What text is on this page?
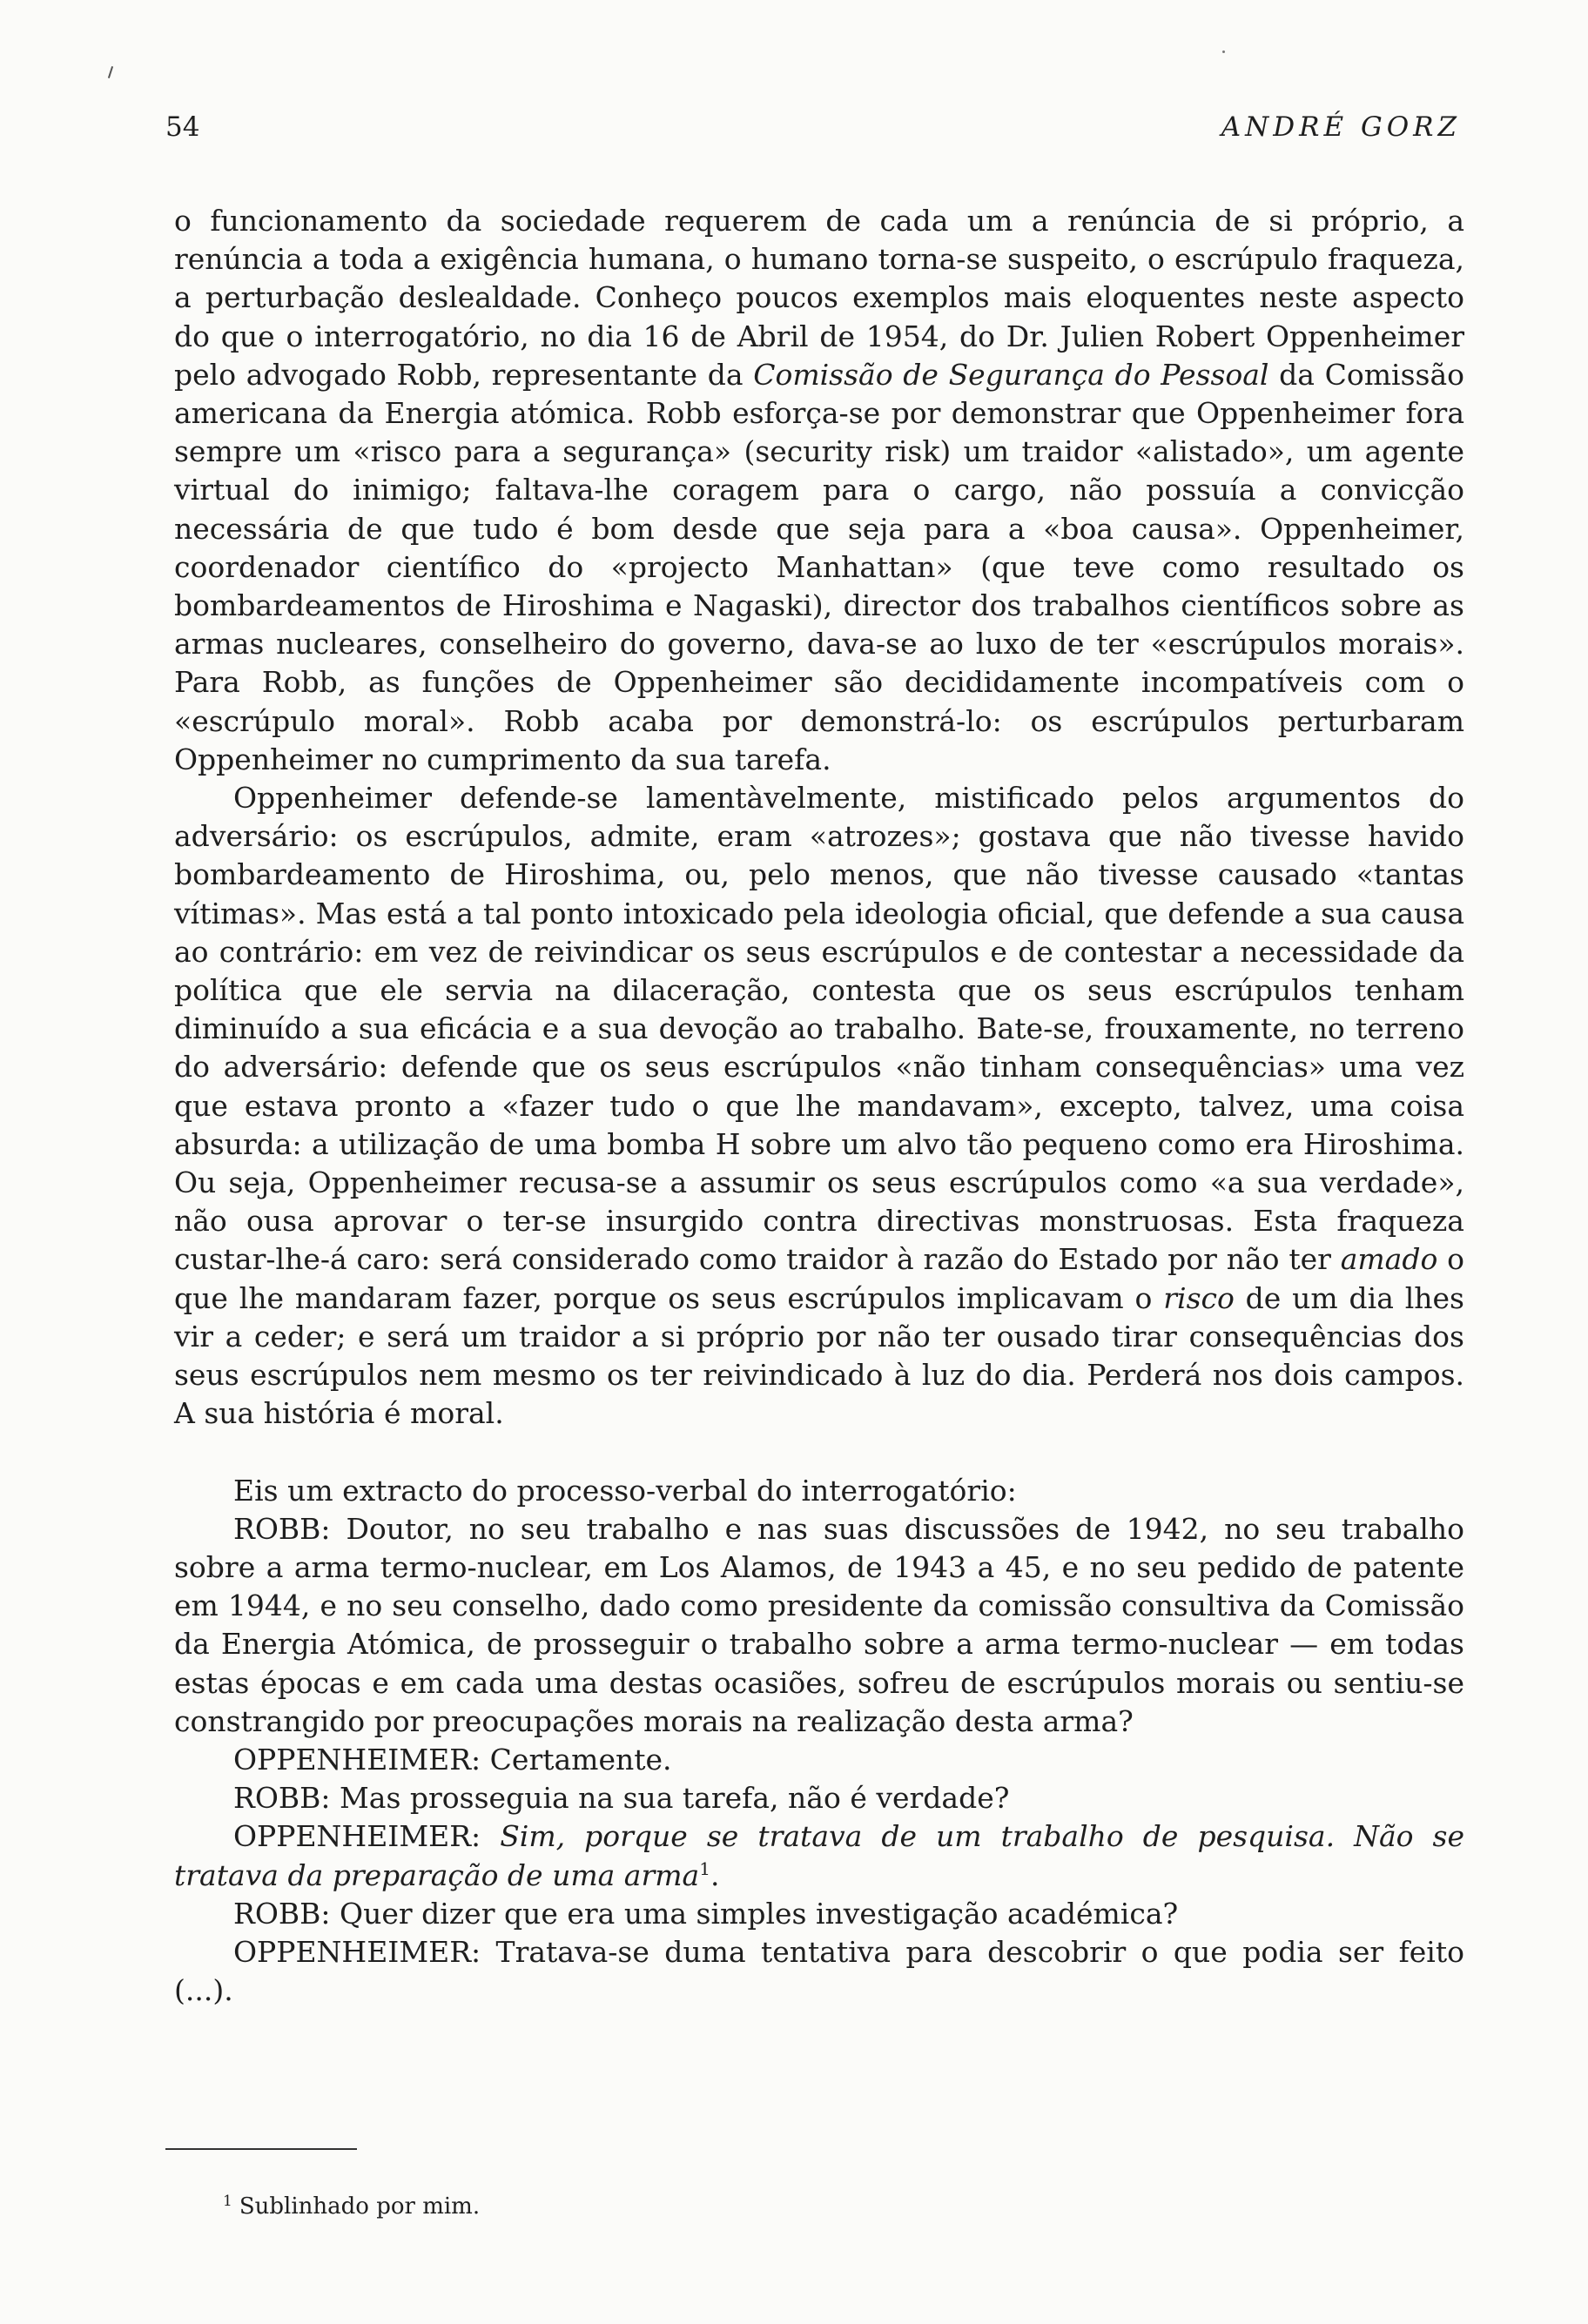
54	ANDRÉ GORZ

o funcionamento da sociedade requerem de cada um a renúncia de si próprio, a renúncia a toda a exigência humana, o humano torna-se suspeito, o escrúpulo fraqueza, a perturbação deslealdade. Conheço poucos exemplos mais eloquentes neste aspecto do que o interrogatório, no dia 16 de Abril de 1954, do Dr. Julien Robert Oppenheimer pelo advogado Robb, representante da Comissão de Segurança do Pessoal da Comissão americana da Energia atómica. Robb esforça-se por demonstrar que Oppenheimer fora sempre um «risco para a segurança» (security risk) um traidor «alistado», um agente virtual do inimigo; faltava-lhe coragem para o cargo, não possuía a convicção necessária de que tudo é bom desde que seja para a «boa causa». Oppenheimer, coordenador científico do «projecto Manhattan» (que teve como resultado os bombardeamentos de Hiroshima e Nagaski), director dos trabalhos científicos sobre as armas nucleares, conselheiro do governo, dava-se ao luxo de ter «escrúpulos morais». Para Robb, as funções de Oppenheimer são decididamente incompatíveis com o «escrúpulo moral». Robb acaba por demonstrá-lo: os escrúpulos perturbaram Oppenheimer no cumprimento da sua tarefa.

Oppenheimer defende-se lamentàvelmente, mistificado pelos argumentos do adversário: os escrúpulos, admite, eram «atrozes»; gostava que não tivesse havido bombardeamento de Hiroshima, ou, pelo menos, que não tivesse causado «tantas vítimas». Mas está a tal ponto intoxicado pela ideologia oficial, que defende a sua causa ao contrário: em vez de reivindicar os seus escrúpulos e de contestar a necessidade da política que ele servia na dilaceração, contesta que os seus escrúpulos tenham diminuído a sua eficácia e a sua devoção ao trabalho. Bate-se, frouxamente, no terreno do adversário: defende que os seus escrúpulos «não tinham consequências» uma vez que estava pronto a «fazer tudo o que lhe mandavam», excepto, talvez, uma coisa absurda: a utilização de uma bomba H sobre um alvo tão pequeno como era Hiroshima. Ou seja, Oppenheimer recusa-se a assumir os seus escrúpulos como «a sua verdade», não ousa aprovar o ter-se insurgido contra directivas monstruosas. Esta fraqueza custar-lhe-á caro: será considerado como traidor à razão do Estado por não ter amado o que lhe mandaram fazer, porque os seus escrúpulos implicavam o risco de um dia lhes vir a ceder; e será um traidor a si próprio por não ter ousado tirar consequências dos seus escrúpulos nem mesmo os ter reivindicado à luz do dia. Perderá nos dois campos. A sua história é moral.

Eis um extracto do processo-verbal do interrogatório:

ROBB: Doutor, no seu trabalho e nas suas discussões de 1942, no seu trabalho sobre a arma termo-nuclear, em Los Alamos, de 1943 a 45, e no seu pedido de patente em 1944, e no seu conselho, dado como presidente da comissão consultiva da Comissão da Energia Atómica, de prosseguir o trabalho sobre a arma termo-nuclear — em todas estas épocas e em cada uma destas ocasiões, sofreu de escrúpulos morais ou sentiu-se constrangido por preocupações morais na realização desta arma?

OPPENHEIMER: Certamente.

ROBB: Mas prosseguia na sua tarefa, não é verdade?

OPPENHEIMER: Sim, porque se tratava de um trabalho de pesquisa. Não se tratava da preparação de uma arma$^1$.

ROBB: Quer dizer que era uma simples investigação académica?

OPPENHEIMER: Tratava-se duma tentativa para descobrir o que podia ser feito (...).

$^1$ Sublinhado por mim.
